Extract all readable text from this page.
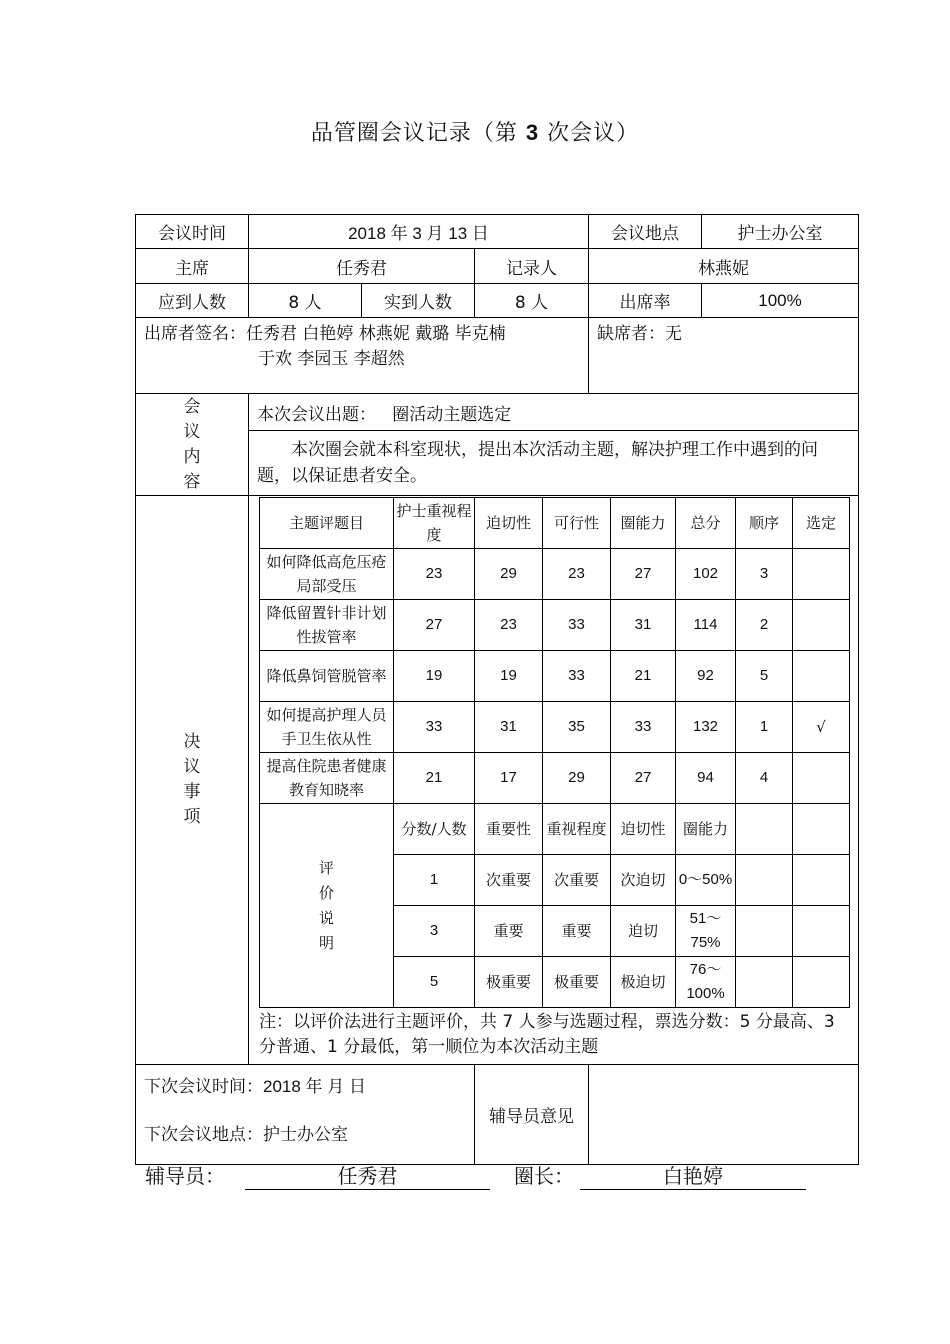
品管圈会议记录（第 3 次会议）
会议时间	2018 年 3 月 13 日	会议地点	护士办公室
主席	任秀君	记录人	林燕妮
应到人数	8 人	实到人数	8 人	出席率	100%

出席者签名：任秀君 白艳婷 林燕妮 戴璐 毕克楠
于欢 李园玉 李超然
	缺席者：无

会
议
内
容
	本次会议出题： 圈活动主题选定
本次圈会就本科室现状，提出本次活动主题，解决护理工作中遇到的问题，以保证患者安全。

决
议
事
项

主题评题目	护士重视程度	迫切性	可行性	圈能力	总分	顺序	选定
如何降低高危压疮局部受压	23	29	23	27	102	3	
降低留置针非计划性拔管率	27	23	33	31	114	2	
降低鼻饲管脱管率	19	19	33	21	92	5	
如何提高护理人员手卫生依从性	33	31	35	33	132	1	√
提高住院患者健康教育知晓率	21	17	29	27	94	4	

评
价
说
明
	分数/人数	重要性	重视程度	迫切性	圈能力		
1	次重要	次重要	次迫切	0～50%		
3	重要	重要	迫切	51～75%		
5	极重要	极重要	极迫切	76～100%		
注：以评价法进行主题评价，共 7 人参与选题过程，票选分数：5 分最高、3 分普通、1 分最低，第一顺位为本次活动主题

下次会议时间：2018 年 月 日
下次会议地点：护士办公室
	辅导员意见	
辅导员：	任秀君	圈长：	白艳婷
